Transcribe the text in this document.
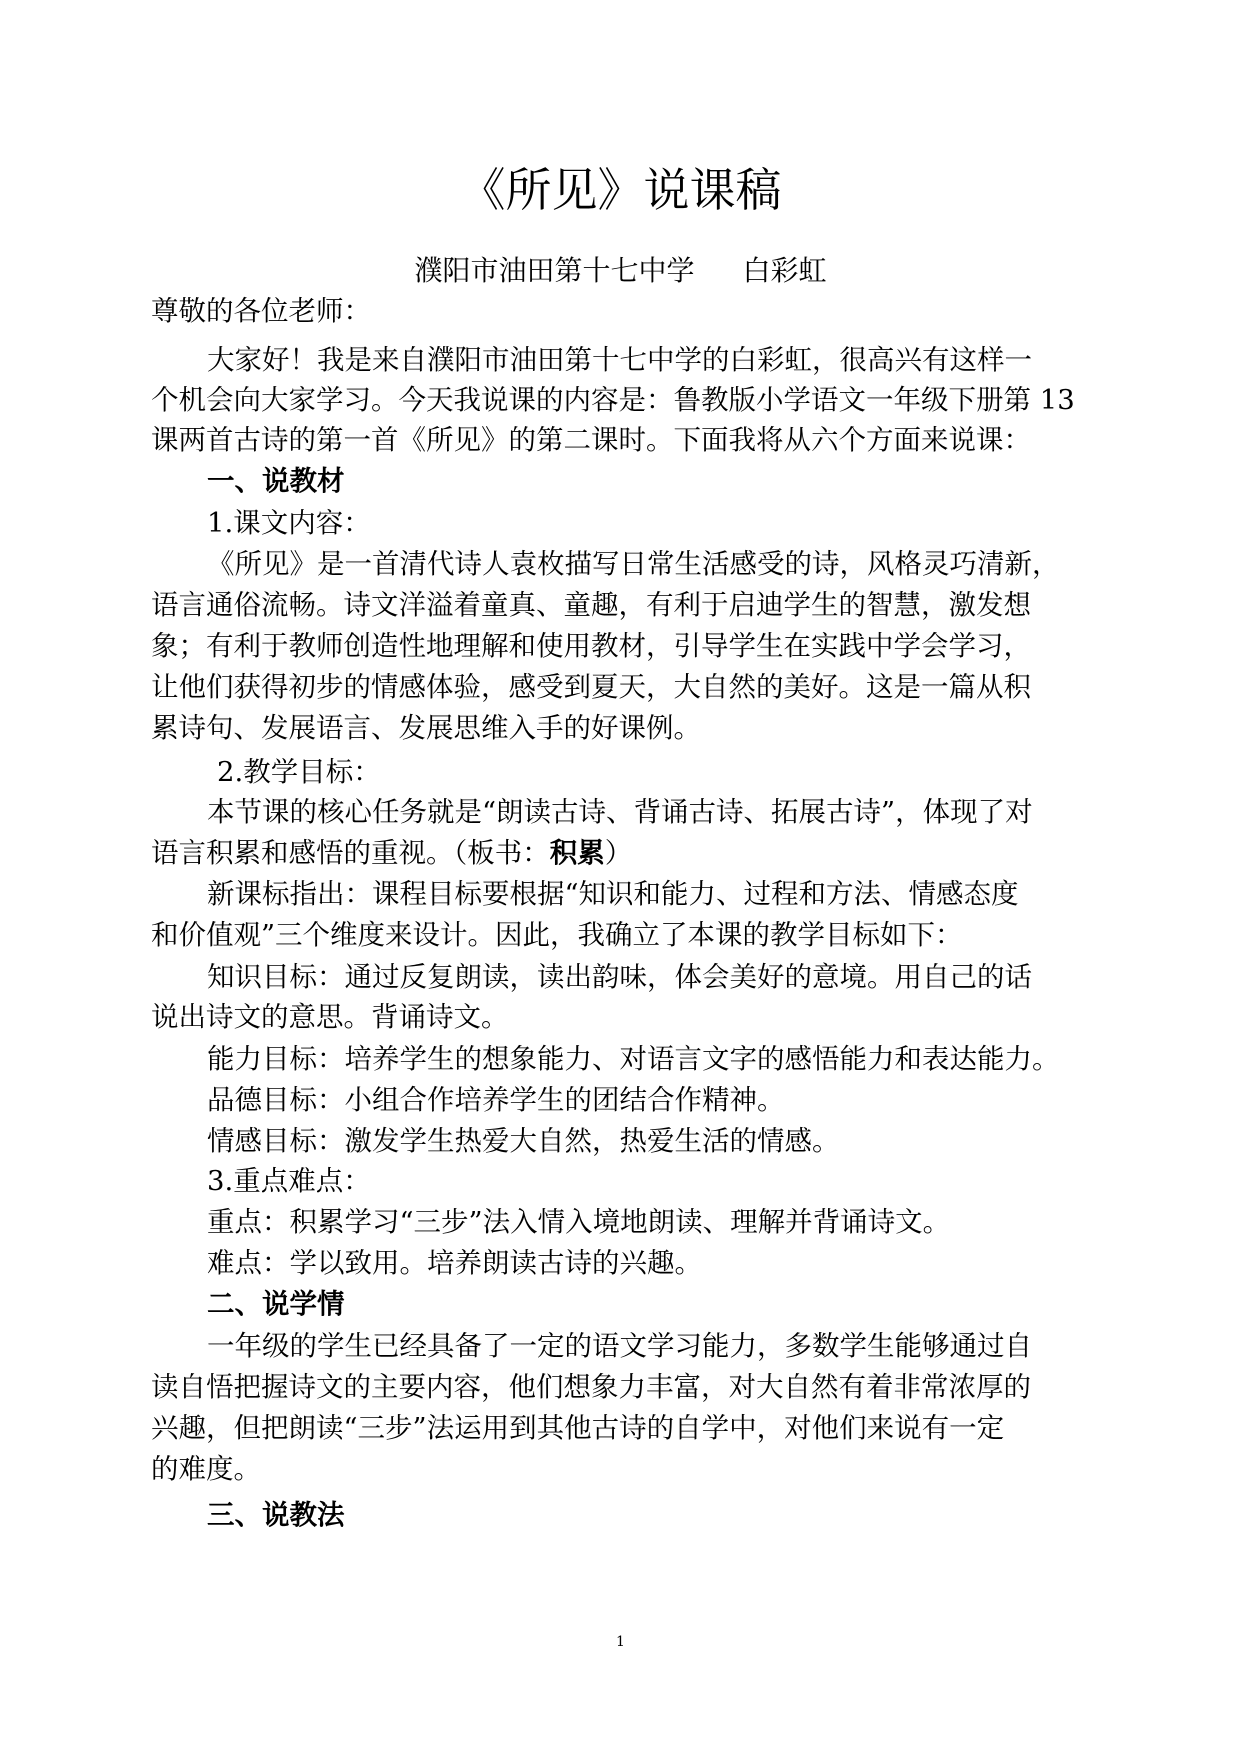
《所见》说课稿
濮阳市油田第十七中学 白彩虹
尊敬的各位老师：
大家好！我是来自濮阳市油田第十七中学的白彩虹，很高兴有这样一
个机会向大家学习。今天我说课的内容是：鲁教版小学语文一年级下册第 13
课两首古诗的第一首《所见》的第二课时。下面我将从六个方面来说课：
一、说教材
1.课文内容：
《所见》是一首清代诗人袁枚描写日常生活感受的诗，风格灵巧清新，
语言通俗流畅。诗文洋溢着童真、童趣，有利于启迪学生的智慧，激发想
象；有利于教师创造性地理解和使用教材，引导学生在实践中学会学习，
让他们获得初步的情感体验，感受到夏天，大自然的美好。这是一篇从积
累诗句、发展语言、发展思维入手的好课例。
2.教学目标：
本节课的核心任务就是“朗读古诗、背诵古诗、拓展古诗”，体现了对
语言积累和感悟的重视。（板书：积累）
新课标指出：课程目标要根据“知识和能力、过程和方法、情感态度
和价值观”三个维度来设计。因此，我确立了本课的教学目标如下：
知识目标：通过反复朗读，读出韵味，体会美好的意境。用自己的话
说出诗文的意思。背诵诗文。
能力目标：培养学生的想象能力、对语言文字的感悟能力和表达能力。
品德目标：小组合作培养学生的团结合作精神。
情感目标：激发学生热爱大自然，热爱生活的情感。
3.重点难点：
重点：积累学习“三步”法入情入境地朗读、理解并背诵诗文。
难点：学以致用。培养朗读古诗的兴趣。
二、说学情
一年级的学生已经具备了一定的语文学习能力，多数学生能够通过自
读自悟把握诗文的主要内容，他们想象力丰富，对大自然有着非常浓厚的
兴趣，但把朗读“三步”法运用到其他古诗的自学中，对他们来说有一定
的难度。
三、说教法
1
